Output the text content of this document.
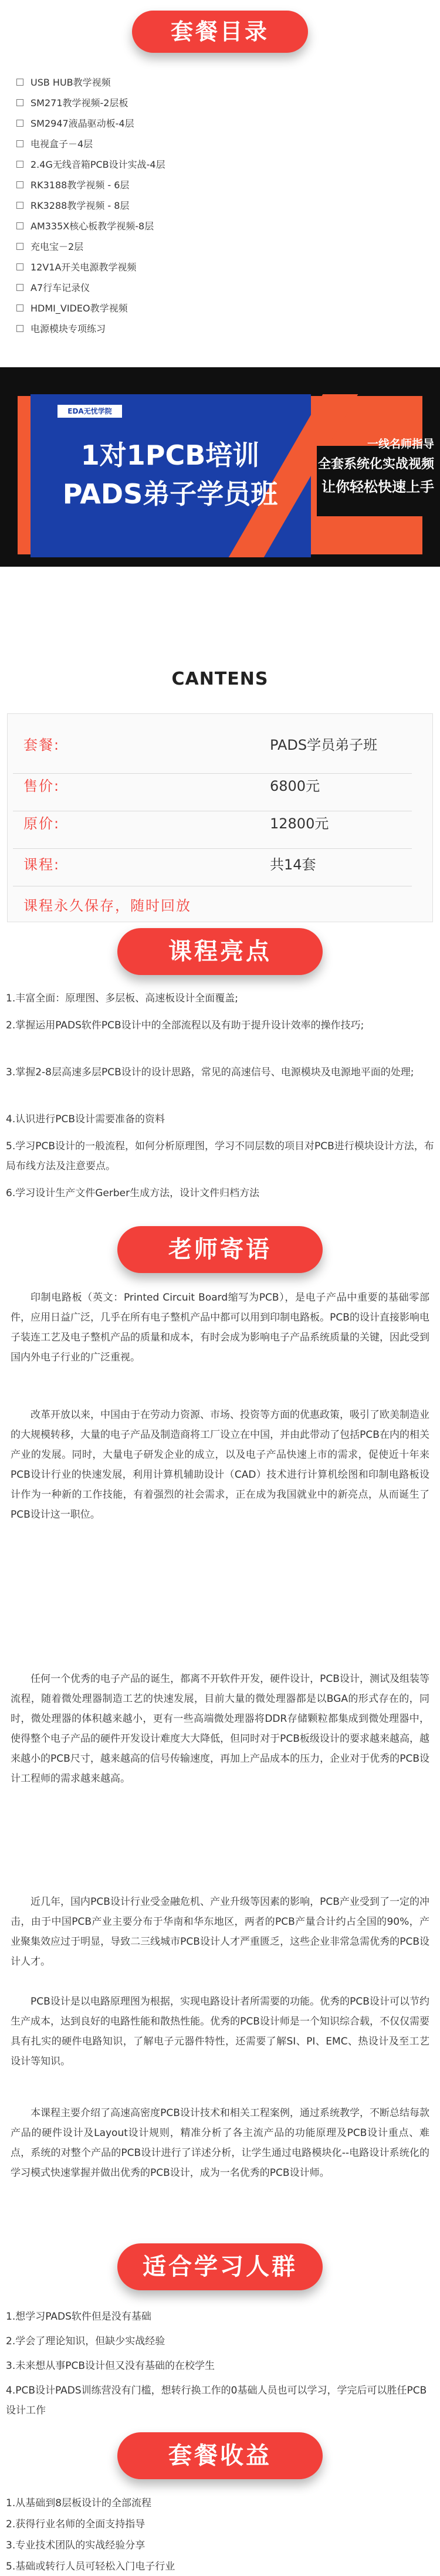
套餐目录
USB HUB教学视频
SM271教学视频-2层板
SM2947液晶驱动板-4层
电视盒子－4层
2.4G无线音箱PCB设计实战-4层
RK3188教学视频 - 6层
RK3288教学视频 - 8层
AM335X核心板教学视频-8层
充电宝－2层
12V1A开关电源教学视频
A7行车记录仪
HDMI_VIDEO教学视频
电源模块专项练习
EDA无忧学院
1对1PCB培训
PADS弟子学员班
一线名师指导
全套系统化实战视频
让你轻松快速上手
CANTENS
套餐:	PADS学员弟子班
售价:	6800元
原价:	12800元
课程:	共14套
课程永久保存，随时回放
课程亮点
1.丰富全面：原理图、多层板、高速板设计全面覆盖;
2.掌握运用PADS软件PCB设计中的全部流程以及有助于提升设计效率的操作技巧;
3.掌握2-8层高速多层PCB设计的设计思路，常见的高速信号、电源模块及电源地平面的处理;
4.认识进行PCB设计需要准备的资料
5.学习PCB设计的一般流程，如何分析原理图，学习不同层数的项目对PCB进行模块设计方法，布局布线方法及注意要点。
6.学习设计生产文件Gerber生成方法，设计文件归档方法
老师寄语
印制电路板（英文：Printed Circuit Board缩写为PCB），是电子产品中重要的基础零部件，应用日益广泛，几乎在所有电子整机产品中都可以用到印制电路板。PCB的设计直接影响电子装连工艺及电子整机产品的质量和成本，有时会成为影响电子产品系统质量的关键，因此受到国内外电子行业的广泛重视。
改革开放以来，中国由于在劳动力资源、市场、投资等方面的优惠政策，吸引了欧美制造业的大规模转移，大量的电子产品及制造商将工厂设立在中国，并由此带动了包括PCB在内的相关产业的发展。同时，大量电子研发企业的成立，以及电子产品快速上市的需求，促使近十年来PCB设计行业的快速发展，利用计算机辅助设计（CAD）技术进行计算机绘图和印制电路板设计作为一种新的工作技能，有着强烈的社会需求，正在成为我国就业中的新亮点，从而诞生了PCB设计这一职位。
任何一个优秀的电子产品的诞生，都离不开软件开发，硬件设计，PCB设计，测试及组装等流程，随着微处理器制造工艺的快速发展，目前大量的微处理器都是以BGA的形式存在的，同时，微处理器的体积越来越小，更有一些高端微处理器将DDR存储颗粒都集成到微处理器中，使得整个电子产品的硬件开发设计难度大大降低，但同时对于PCB板级设计的要求越来越高，越来越小的PCB尺寸，越来越高的信号传输速度，再加上产品成本的压力，企业对于优秀的PCB设计工程师的需求越来越高。
近几年，国内PCB设计行业受金融危机、产业升级等因素的影响，PCB产业受到了一定的冲击，由于中国PCB产业主要分布于华南和华东地区，两者的PCB产量合计约占全国的90%，产业聚集效应过于明显，导致二三线城市PCB设计人才严重匮乏，这些企业非常急需优秀的PCB设计人才。
PCB设计是以电路原理图为根据，实现电路设计者所需要的功能。优秀的PCB设计可以节约生产成本，达到良好的电路性能和散热性能。优秀的PCB设计师是一个知识综合载，不仅仅需要具有扎实的硬件电路知识，了解电子元器件特性，还需要了解SI、PI、EMC、热设计及至工艺设计等知识。
本课程主要介绍了高速高密度PCB设计技术和相关工程案例，通过系统教学，不断总结每款产品的硬件设计及Layout设计规则，精准分析了各主流产品的功能原理及PCB设计重点、难点，系统的对整个产品的PCB设计进行了详述分析，让学生通过电路模块化--电路设计系统化的学习模式快速掌握并做出优秀的PCB设计，成为一名优秀的PCB设计师。
适合学习人群
1.想学习PADS软件但是没有基础
2.学会了理论知识，但缺少实战经验
3.未来想从事PCB设计但又没有基础的在校学生
4.PCB设计PADS训练营没有门槛，想转行换工作的0基础人员也可以学习，学完后可以胜任PCB设计工作
套餐收益
1.从基础到8层板设计的全部流程
2.获得行业名师的全面支持指导
3.专业技术团队的实战经验分享
5.基础或转行人员可轻松入门电子行业
